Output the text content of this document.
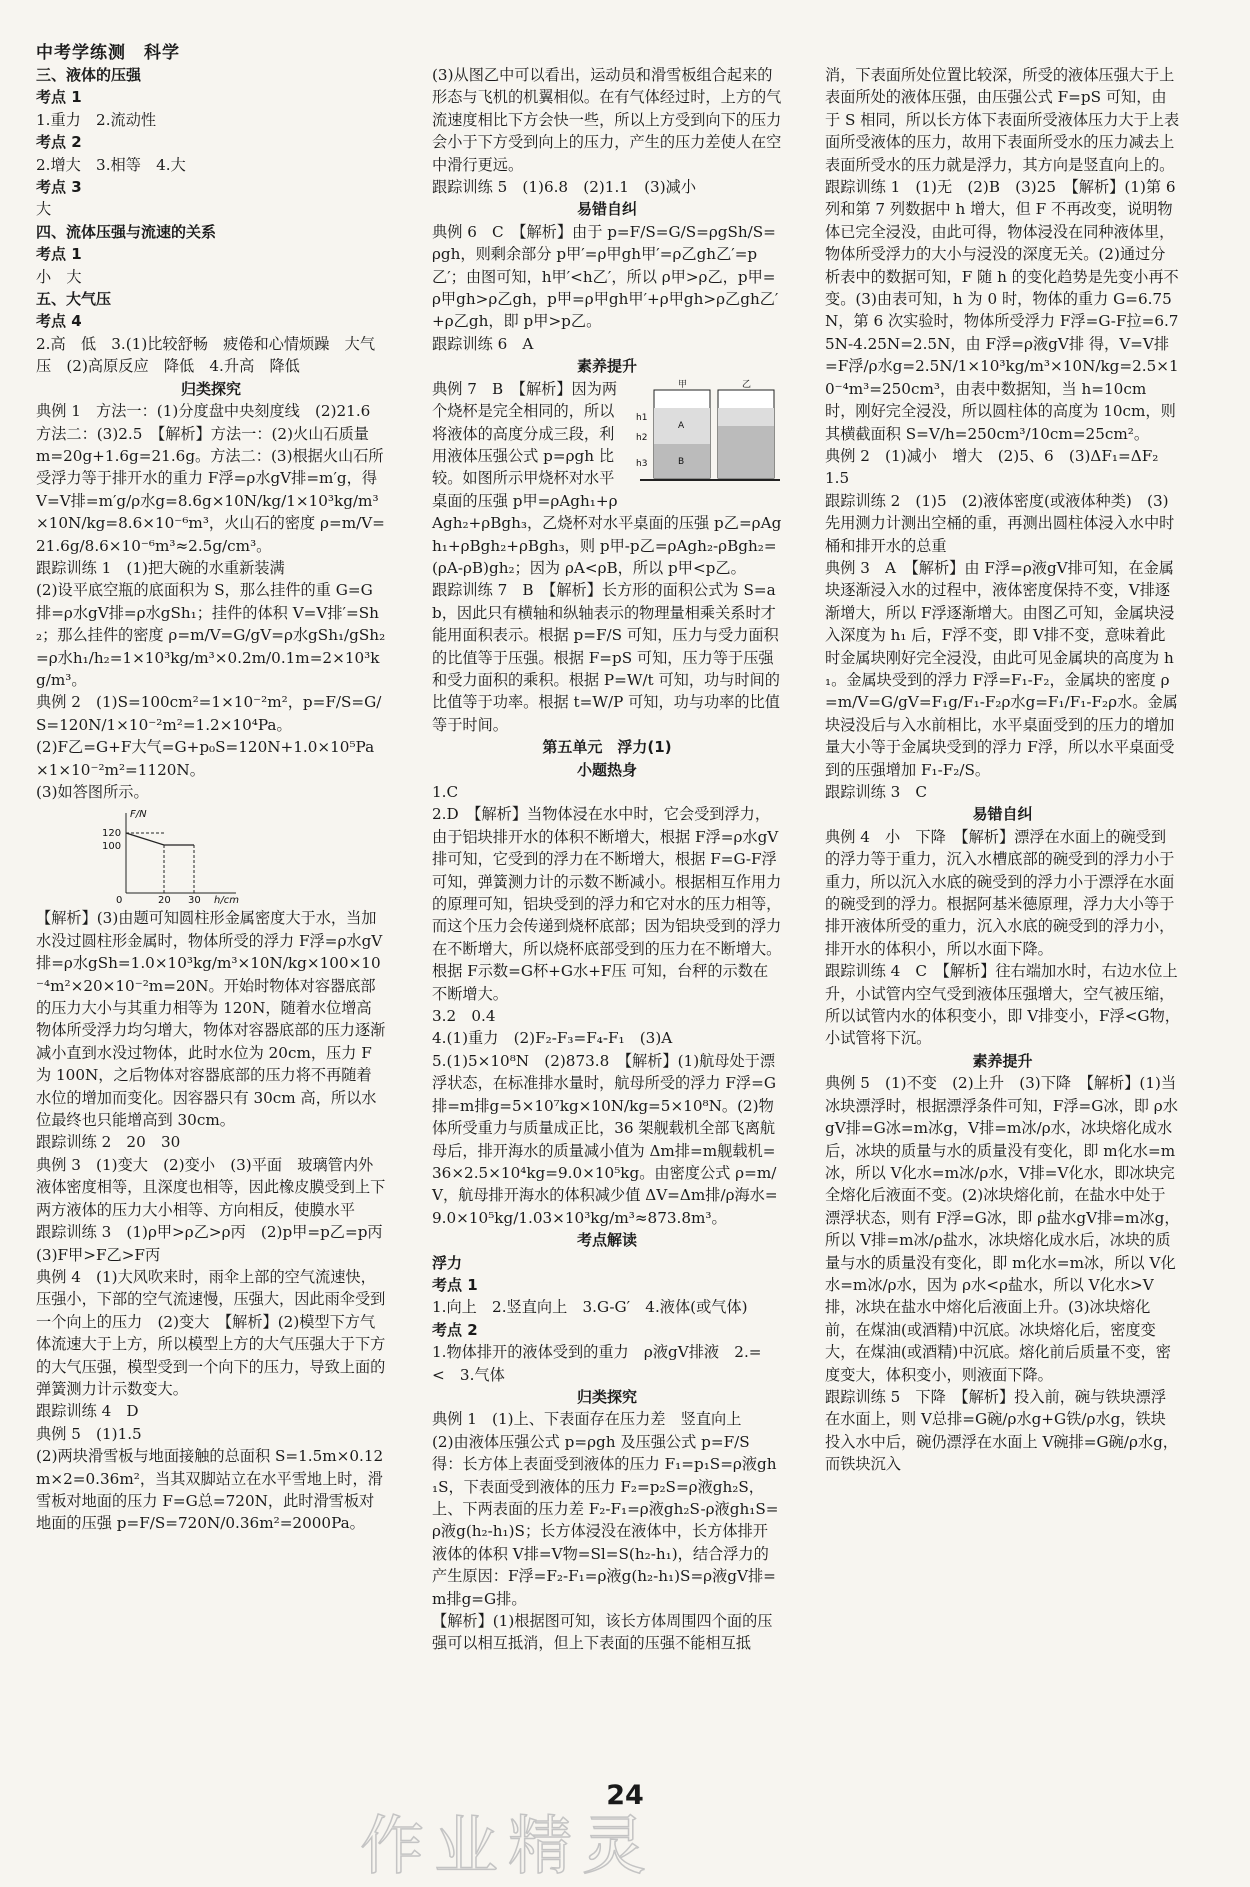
中考学练测　科学

三、液体的压强

考点 1

1.重力　2.流动性

考点 2

2.增大　3.相等　4.大

考点 3

大

四、流体压强与流速的关系

考点 1

小　大

五、大气压

考点 4

2.高　低　3.(1)比较舒畅　疲倦和心情烦躁　大气压　(2)高原反应　降低　4.升高　降低

归类探究

典例 1　方法一：(1)分度盘中央刻度线　(2)21.6　方法二：(3)2.5　【解析】方法一：(2)火山石质量 m=20g+1.6g=21.6g。方法二：(3)根据火山石所受浮力等于排开水的重力 F浮=ρ水gV排=m′g，得 V=V排=m′g/ρ水g=8.6g×10N/kg/1×10³kg/m³×10N/kg=8.6×10⁻⁶m³，火山石的密度 ρ=m/V=21.6g/8.6×10⁻⁶m³≈2.5g/cm³。

跟踪训练 1　(1)把大碗的水重新装满

(2)设平底空瓶的底面积为 S，那么挂件的重 G=G排=ρ水gV排=ρ水gSh₁；挂件的体积 V=V排′=Sh₂；那么挂件的密度 ρ=m/V=G/gV=ρ水gSh₁/gSh₂=ρ水h₁/h₂=1×10³kg/m³×0.2m/0.1m=2×10³kg/m³。

典例 2　(1)S=100cm²=1×10⁻²m²，p=F/S=G/S=120N/1×10⁻²m²=1.2×10⁴Pa。

(2)F乙=G+F大气=G+p₀S=120N+1.0×10⁵Pa×1×10⁻²m²=1120N。

(3)如答图所示。

F/N
h/cm
120
100
0	20 30

【解析】(3)由题可知圆柱形金属密度大于水，当加水没过圆柱形金属时，物体所受的浮力 F浮=ρ水gV排=ρ水gSh=1.0×10³kg/m³×10N/kg×100×10⁻⁴m²×20×10⁻²m=20N。开始时物体对容器底部的压力大小与其重力相等为 120N，随着水位增高物体所受浮力均匀增大，物体对容器底部的压力逐渐减小直到水没过物体，此时水位为 20cm，压力 F 为 100N，之后物体对容器底部的压力将不再随着水位的增加而变化。因容器只有 30cm 高，所以水位最终也只能增高到 30cm。

跟踪训练 2　20　30

典例 3　(1)变大　(2)变小　(3)平面　玻璃管内外液体密度相等，且深度也相等，因此橡皮膜受到上下两方液体的压力大小相等、方向相反，使膜水平

跟踪训练 3　(1)ρ甲>ρ乙>ρ丙　(2)p甲=p乙=p丙　(3)F甲>F乙>F丙

典例 4　(1)大风吹来时，雨伞上部的空气流速快，压强小，下部的空气流速慢，压强大，因此雨伞受到一个向上的压力　(2)变大　【解析】(2)模型下方气体流速大于上方，所以模型上方的大气压强大于下方的大气压强，模型受到一个向下的压力，导致上面的弹簧测力计示数变大。

跟踪训练 4　D

典例 5　(1)1.5

(2)两块滑雪板与地面接触的总面积 S=1.5m×0.12m×2=0.36m²，当其双脚站立在水平雪地上时，滑雪板对地面的压力 F=G总=720N，此时滑雪板对地面的压强 p=F/S=720N/0.36m²=2000Pa。

(3)从图乙中可以看出，运动员和滑雪板组合起来的形态与飞机的机翼相似。在有气体经过时，上方的气流速度相比下方会快一些，所以上方受到向下的压力会小于下方受到向上的压力，产生的压力差使人在空中滑行更远。

跟踪训练 5　(1)6.8　(2)1.1　(3)减小

易错自纠

典例 6　C　【解析】由于 p=F/S=G/S=ρgSh/S=ρgh，则剩余部分 p甲′=ρ甲gh甲′=ρ乙gh乙′=p乙′；由图可知，h甲′<h乙′，所以 ρ甲>ρ乙，p甲=ρ甲gh>ρ乙gh，p甲=ρ甲gh甲′+ρ甲gh>ρ乙gh乙′+ρ乙gh，即 p甲>p乙。

跟踪训练 6　A

素养提升

甲	乙
h1
h2
h3
A
B

典例 7　B　【解析】因为两个烧杯是完全相同的，所以将液体的高度分成三段，利用液体压强公式 p=ρgh 比较。如图所示甲烧杯对水平桌面的压强 p甲=ρAgh₁+ρAgh₂+ρBgh₃，乙烧杯对水平桌面的压强 p乙=ρAgh₁+ρBgh₂+ρBgh₃，则 p甲-p乙=ρAgh₂-ρBgh₂=(ρA-ρB)gh₂；因为 ρA<ρB，所以 p甲<p乙。

跟踪训练 7　B　【解析】长方形的面积公式为 S=ab，因此只有横轴和纵轴表示的物理量相乘关系时才能用面积表示。根据 p=F/S 可知，压力与受力面积的比值等于压强。根据 F=pS 可知，压力等于压强和受力面积的乘积。根据 P=W/t 可知，功与时间的比值等于功率。根据 t=W/P 可知，功与功率的比值等于时间。

第五单元　浮力(1)

小题热身

1.C

2.D　【解析】当物体浸在水中时，它会受到浮力，由于铝块排开水的体积不断增大，根据 F浮=ρ水gV排可知，它受到的浮力在不断增大，根据 F=G-F浮 可知，弹簧测力计的示数不断减小。根据相互作用力的原理可知，铝块受到的浮力和它对水的压力相等，而这个压力会传递到烧杯底部；因为铝块受到的浮力在不断增大，所以烧杯底部受到的压力在不断增大。根据 F示数=G杯+G水+F压 可知，台秤的示数在不断增大。

3.2　0.4

4.(1)重力　(2)F₂-F₃=F₄-F₁　(3)A

5.(1)5×10⁸N　(2)873.8　【解析】(1)航母处于漂浮状态，在标准排水量时，航母所受的浮力 F浮=G排=m排g=5×10⁷kg×10N/kg=5×10⁸N。(2)物体所受重力与质量成正比，36 架舰载机全部飞离航母后，排开海水的质量减小值为 Δm排=m舰载机=36×2.5×10⁴kg=9.0×10⁵kg。由密度公式 ρ=m/V，航母排开海水的体积减少值 ΔV=Δm排/ρ海水=9.0×10⁵kg/1.03×10³kg/m³≈873.8m³。

考点解读

浮力

考点 1

1.向上　2.竖直向上　3.G-G′　4.液体(或气体)

考点 2

1.物体排开的液体受到的重力　ρ液gV排液　2.=　<　3.气体

归类探究

典例 1　(1)上、下表面存在压力差　竖直向上

(2)由液体压强公式 p=ρgh 及压强公式 p=F/S 得：长方体上表面受到液体的压力 F₁=p₁S=ρ液gh₁S，下表面受到液体的压力 F₂=p₂S=ρ液gh₂S，上、下两表面的压力差 F₂-F₁=ρ液gh₂S-ρ液gh₁S=ρ液g(h₂-h₁)S；长方体浸没在液体中，长方体排开液体的体积 V排=V物=Sl=S(h₂-h₁)，结合浮力的产生原因：F浮=F₂-F₁=ρ液g(h₂-h₁)S=ρ液gV排=m排g=G排。

【解析】(1)根据图可知，该长方体周围四个面的压强可以相互抵消，但上下表面的压强不能相互抵

消，下表面所处位置比较深，所受的液体压强大于上表面所处的液体压强，由压强公式 F=pS 可知，由于 S 相同，所以长方体下表面所受液体压力大于上表面所受液体的压力，故用下表面所受水的压力减去上表面所受水的压力就是浮力，其方向是竖直向上的。

跟踪训练 1　(1)无　(2)B　(3)25　【解析】(1)第 6 列和第 7 列数据中 h 增大，但 F 不再改变，说明物体已完全浸没，由此可得，物体浸没在同种液体里，物体所受浮力的大小与浸没的深度无关。(2)通过分析表中的数据可知，F 随 h 的变化趋势是先变小再不变。(3)由表可知，h 为 0 时，物体的重力 G=6.75N，第 6 次实验时，物体所受浮力 F浮=G-F拉=6.75N-4.25N=2.5N，由 F浮=ρ液gV排 得，V=V排=F浮/ρ水g=2.5N/1×10³kg/m³×10N/kg=2.5×10⁻⁴m³=250cm³，由表中数据知，当 h=10cm 时，刚好完全浸没，所以圆柱体的高度为 10cm，则其横截面积 S=V/h=250cm³/10cm=25cm²。

典例 2　(1)减小　增大　(2)5、6　(3)ΔF₁=ΔF₂　1.5

跟踪训练 2　(1)5　(2)液体密度(或液体种类)　(3)先用测力计测出空桶的重，再测出圆柱体浸入水中时桶和排开水的总重

典例 3　A　【解析】由 F浮=ρ液gV排可知，在金属块逐渐浸入水的过程中，液体密度保持不变，V排逐渐增大，所以 F浮逐渐增大。由图乙可知，金属块浸入深度为 h₁ 后，F浮不变，即 V排不变，意味着此时金属块刚好完全浸没，由此可见金属块的高度为 h₁。金属块受到的浮力 F浮=F₁-F₂，金属块的密度 ρ=m/V=G/gV=F₁g/F₁-F₂ρ水g=F₁/F₁-F₂ρ水。金属块浸没后与入水前相比，水平桌面受到的压力的增加量大小等于金属块受到的浮力 F浮，所以水平桌面受到的压强增加 F₁-F₂/S。

跟踪训练 3　C

易错自纠

典例 4　小　下降　【解析】漂浮在水面上的碗受到的浮力等于重力，沉入水槽底部的碗受到的浮力小于重力，所以沉入水底的碗受到的浮力小于漂浮在水面的碗受到的浮力。根据阿基米德原理，浮力大小等于排开液体所受的重力，沉入水底的碗受到的浮力小，排开水的体积小，所以水面下降。

跟踪训练 4　C　【解析】往右端加水时，右边水位上升，小试管内空气受到液体压强增大，空气被压缩，所以试管内水的体积变小，即 V排变小，F浮<G物，小试管将下沉。

素养提升

典例 5　(1)不变　(2)上升　(3)下降　【解析】(1)当冰块漂浮时，根据漂浮条件可知，F浮=G冰，即 ρ水gV排=G冰=m冰g，V排=m冰/ρ水，冰块熔化成水后，冰块的质量与水的质量没有变化，即 m化水=m冰，所以 V化水=m冰/ρ水，V排=V化水，即冰块完全熔化后液面不变。(2)冰块熔化前，在盐水中处于漂浮状态，则有 F浮=G冰，即 ρ盐水gV排=m冰g，所以 V排=m冰/ρ盐水，冰块熔化成水后，冰块的质量与水的质量没有变化，即 m化水=m冰，所以 V化水=m冰/ρ水，因为 ρ水<ρ盐水，所以 V化水>V排，冰块在盐水中熔化后液面上升。(3)冰块熔化前，在煤油(或酒精)中沉底。冰块熔化后，密度变大，在煤油(或酒精)中沉底。熔化前后质量不变，密度变大，体积变小，则液面下降。

跟踪训练 5　下降　【解析】投入前，碗与铁块漂浮在水面上，则 V总排=G碗/ρ水g+G铁/ρ水g，铁块投入水中后，碗仍漂浮在水面上 V碗排=G碗/ρ水g，而铁块沉入

24
作业精灵
